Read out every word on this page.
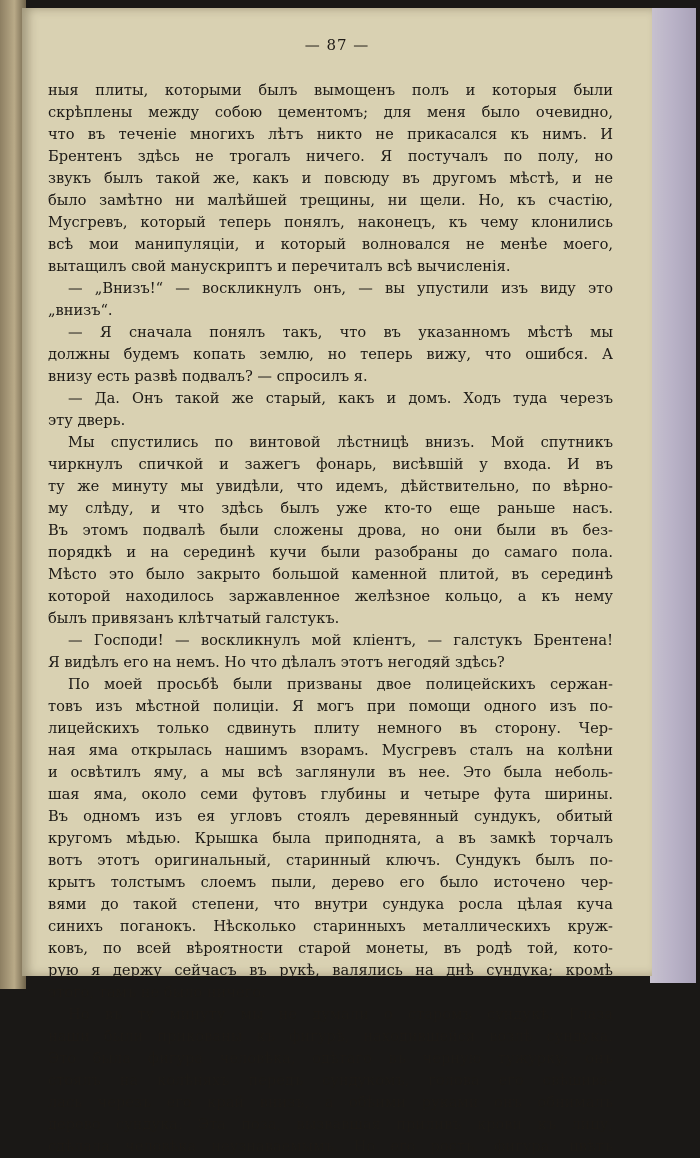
— 87 —
ныя плиты, которыми былъ вымощенъ полъ и которыя были
скрѣплены между собою цементомъ; для меня было очевидно,
что въ теченіе многихъ лѣтъ никто не прикасался къ нимъ. И
Брентенъ здѣсь не трогалъ ничего. Я постучалъ по полу, но
звукъ былъ такой же, какъ и повсюду въ другомъ мѣстѣ, и не
было замѣтно ни малѣйшей трещины, ни щели. Но, къ счастію,
Мусгревъ, который теперь понялъ, наконецъ, къ чему клонились
всѣ мои манипуляціи, и который волновался не менѣе моего,
вытащилъ свой манускриптъ и перечиталъ всѣ вычисленія.
— „Внизъ!“ — воскликнулъ онъ, — вы упустили изъ виду это
„внизъ“.
— Я сначала понялъ такъ, что въ указанномъ мѣстѣ мы
должны будемъ копать землю, но теперь вижу, что ошибся. А
внизу есть развѣ подвалъ? — спросилъ я.
— Да. Онъ такой же старый, какъ и домъ. Ходъ туда черезъ
эту дверь.
Мы спустились по винтовой лѣстницѣ внизъ. Мой спутникъ
чиркнулъ спичкой и зажегъ фонарь, висѣвшій у входа. И въ
ту же минуту мы увидѣли, что идемъ, дѣйствительно, по вѣрно-
му слѣду, и что здѣсь былъ уже кто-то еще раньше насъ.
Въ этомъ подвалѣ были сложены дрова, но они были въ без-
порядкѣ и на серединѣ кучи были разобраны до самаго пола.
Мѣсто это было закрыто большой каменной плитой, въ серединѣ
которой находилось заржавленное желѣзное кольцо, а къ нему
былъ привязанъ клѣтчатый галстукъ.
— Господи! — воскликнулъ мой кліентъ, — галстукъ Брентена!
Я видѣлъ его на немъ. Но что дѣлалъ этотъ негодяй здѣсь?
По моей просьбѣ были призваны двое полицейскихъ сержан-
товъ изъ мѣстной полиціи. Я могъ при помощи одного изъ по-
лицейскихъ только сдвинуть плиту немного въ сторону. Чер-
ная яма открылась нашимъ взорамъ. Мусгревъ сталъ на колѣни
и освѣтилъ яму, а мы всѣ заглянули въ нее. Это была неболь-
шая яма, около семи футовъ глубины и четыре фута ширины.
Въ одномъ изъ ея угловъ стоялъ деревянный сундукъ, обитый
кругомъ мѣдью. Крышка была приподнята, а въ замкѣ торчалъ
вотъ этотъ оригинальный, старинный ключъ. Сундукъ былъ по-
крытъ толстымъ слоемъ пыли, дерево его было источено чер-
вями до такой степени, что внутри сундука росла цѣлая куча
синихъ поганокъ. Нѣсколько старинныхъ металлическихъ круж-
ковъ, по всей вѣроятности старой монеты, въ родѣ той, кото-
рую я держу сейчасъ въ рукѣ, валялись на днѣ сундука; кромѣ
этого, тамъ не было ничего.
Но въ ту минуту мы не думали о старомъ сундукѣ. Глаза
наши были прикованы къ фигурѣ, находившейся возлѣ сундука.
Это была фигура человѣка, одѣтаго въ черную тужурку; онъ
стоялъ на колѣняхъ передъ сундукомъ, голова его свѣшива-
лась черезъ его край внизъ, а обѣими руками онъ обнималъ
дерево сундука. Эта поза, вызвавшая приливъ крови къ лицу,
сдѣлала человѣка неузнаваемымъ. Но его ростъ, фигура, цвѣтъ
